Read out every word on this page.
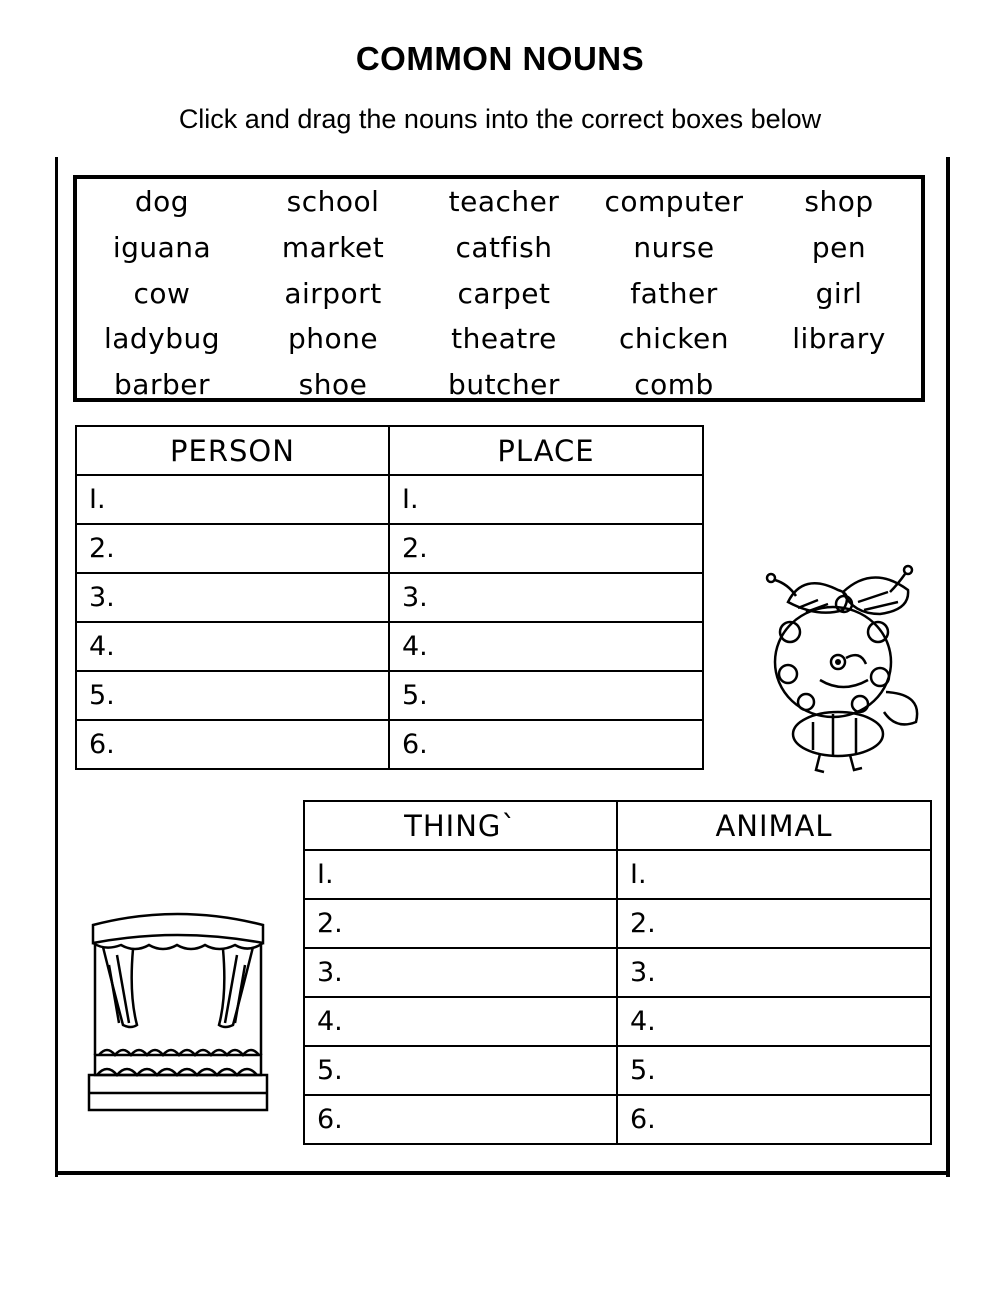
COMMON NOUNS
Click and drag the nouns into the correct boxes below
dog	school	teacher	computer	shop
iguana	market	catfish	nurse	pen
cow	airport	carpet	father	girl
ladybug	phone	theatre	chicken	library
barber	shoe	butcher	comb
PERSON	PLACE
I.	I.
2.	2.
3.	3.
4.	4.
5.	5.
6.	6.
THING`	ANIMAL
I.	I.
2.	2.
3.	3.
4.	4.
5.	5.
6.	6.
